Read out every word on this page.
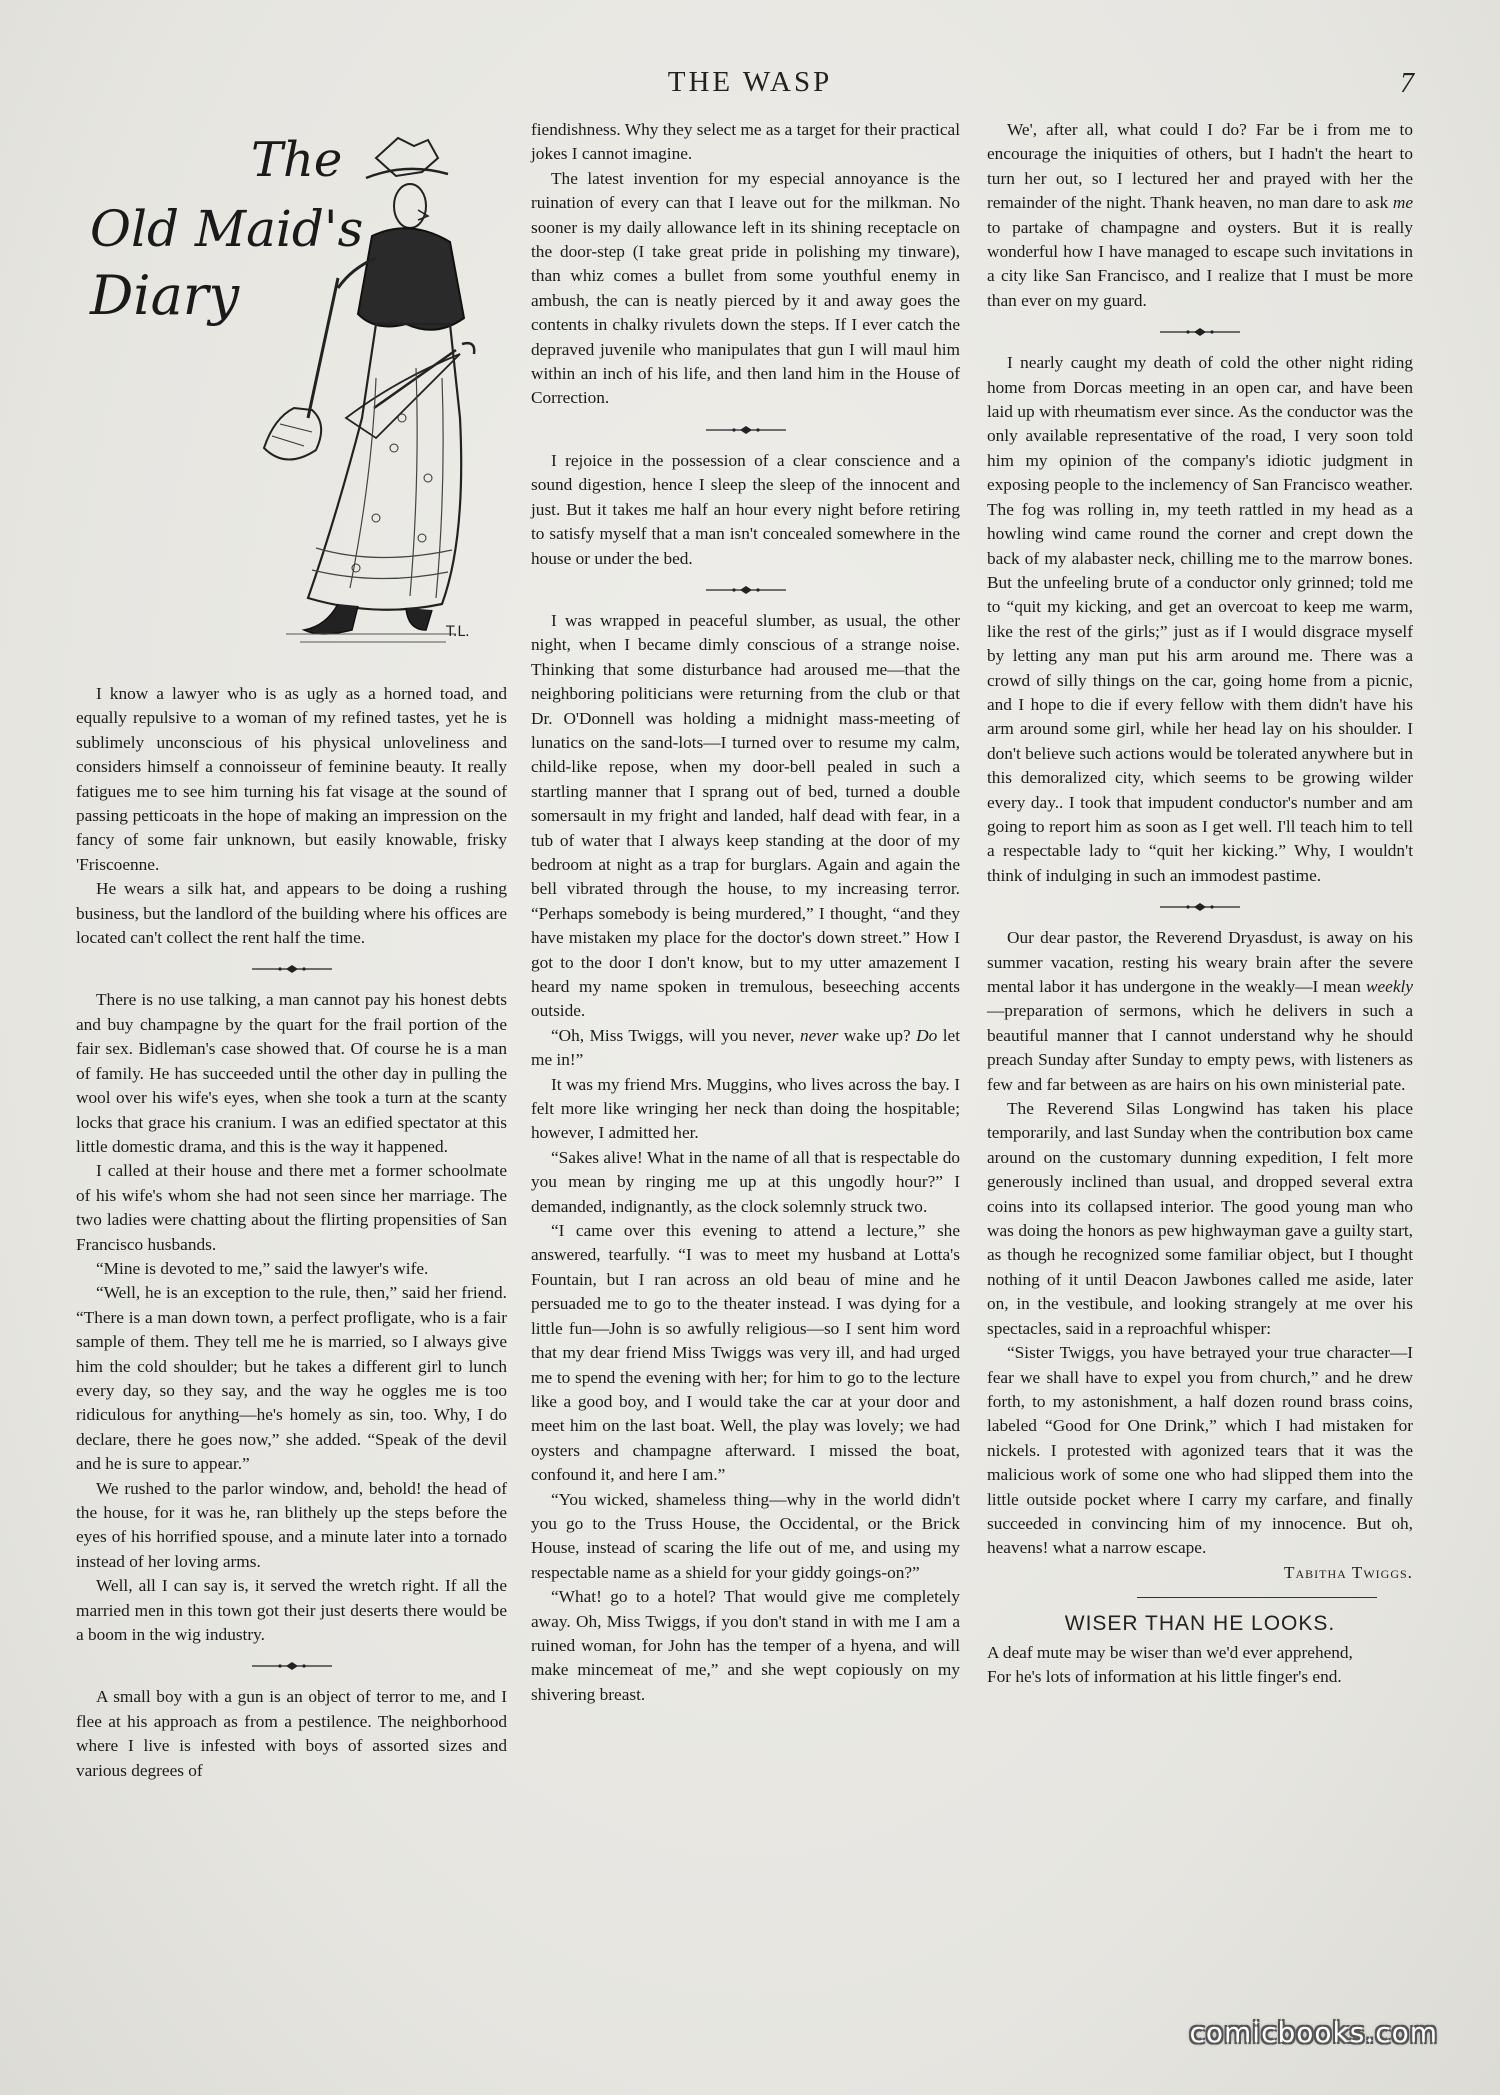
THE WASP	7
The
Old Maid's
Diary
T.L.

I know a lawyer who is as ugly as a horned toad, and equally repulsive to a woman of my refined tastes, yet he is sublimely unconscious of his physical unloveliness and considers himself a connoisseur of feminine beauty. It really fatigues me to see him turning his fat visage at the sound of passing petticoats in the hope of making an impression on the fancy of some fair unknown, but easily knowable, frisky 'Friscoenne.

He wears a silk hat, and appears to be doing a rushing business, but the landlord of the building where his offices are located can't collect the rent half the time.

There is no use talking, a man cannot pay his honest debts and buy champagne by the quart for the frail portion of the fair sex. Bidleman's case showed that. Of course he is a man of family. He has succeeded until the other day in pulling the wool over his wife's eyes, when she took a turn at the scanty locks that grace his cranium. I was an edified spectator at this little domestic drama, and this is the way it happened.

I called at their house and there met a former schoolmate of his wife's whom she had not seen since her marriage. The two ladies were chatting about the flirting propensities of San Francisco husbands.

“Mine is devoted to me,” said the lawyer's wife.

“Well, he is an exception to the rule, then,” said her friend. “There is a man down town, a perfect profligate, who is a fair sample of them. They tell me he is married, so I always give him the cold shoulder; but he takes a different girl to lunch every day, so they say, and the way he oggles me is too ridiculous for anything—he's homely as sin, too. Why, I do declare, there he goes now,” she added. “Speak of the devil and he is sure to appear.”

We rushed to the parlor window, and, behold! the head of the house, for it was he, ran blithely up the steps before the eyes of his horrified spouse, and a minute later into a tornado instead of her loving arms.

Well, all I can say is, it served the wretch right. If all the married men in this town got their just deserts there would be a boom in the wig industry.

A small boy with a gun is an object of terror to me, and I flee at his approach as from a pestilence. The neighborhood where I live is infested with boys of assorted sizes and various degrees of

fiendishness. Why they select me as a target for their practical jokes I cannot imagine.

The latest invention for my especial annoyance is the ruination of every can that I leave out for the milkman. No sooner is my daily allowance left in its shining receptacle on the door-step (I take great pride in polishing my tinware), than whiz comes a bullet from some youthful enemy in ambush, the can is neatly pierced by it and away goes the contents in chalky rivulets down the steps. If I ever catch the depraved juvenile who manipulates that gun I will maul him within an inch of his life, and then land him in the House of Correction.

I rejoice in the possession of a clear conscience and a sound digestion, hence I sleep the sleep of the innocent and just. But it takes me half an hour every night before retiring to satisfy myself that a man isn't concealed somewhere in the house or under the bed.

I was wrapped in peaceful slumber, as usual, the other night, when I became dimly conscious of a strange noise. Thinking that some disturbance had aroused me—that the neighboring politicians were returning from the club or that Dr. O'Donnell was holding a midnight mass-meeting of lunatics on the sand-lots—I turned over to resume my calm, child-like repose, when my door-bell pealed in such a startling manner that I sprang out of bed, turned a double somersault in my fright and landed, half dead with fear, in a tub of water that I always keep standing at the door of my bedroom at night as a trap for burglars. Again and again the bell vibrated through the house, to my increasing terror. “Perhaps somebody is being murdered,” I thought, “and they have mistaken my place for the doctor's down street.” How I got to the door I don't know, but to my utter amazement I heard my name spoken in tremulous, beseeching accents outside.

“Oh, Miss Twiggs, will you never, never wake up? Do let me in!”

It was my friend Mrs. Muggins, who lives across the bay. I felt more like wringing her neck than doing the hospitable; however, I admitted her.

“Sakes alive! What in the name of all that is respectable do you mean by ringing me up at this ungodly hour?” I demanded, indignantly, as the clock solemnly struck two.

“I came over this evening to attend a lecture,” she answered, tearfully. “I was to meet my husband at Lotta's Fountain, but I ran across an old beau of mine and he persuaded me to go to the theater instead. I was dying for a little fun—John is so awfully religious—so I sent him word that my dear friend Miss Twiggs was very ill, and had urged me to spend the evening with her; for him to go to the lecture like a good boy, and I would take the car at your door and meet him on the last boat. Well, the play was lovely; we had oysters and champagne afterward. I missed the boat, confound it, and here I am.”

“You wicked, shameless thing—why in the world didn't you go to the Truss House, the Occidental, or the Brick House, instead of scaring the life out of me, and using my respectable name as a shield for your giddy goings-on?”

“What! go to a hotel? That would give me completely away. Oh, Miss Twiggs, if you don't stand in with me I am a ruined woman, for John has the temper of a hyena, and will make mincemeat of me,” and she wept copiously on my shivering breast.

We', after all, what could I do? Far be i from me to encourage the iniquities of others, but I hadn't the heart to turn her out, so I lectured her and prayed with her the remainder of the night. Thank heaven, no man dare to ask me to partake of champagne and oysters. But it is really wonderful how I have managed to escape such invitations in a city like San Francisco, and I realize that I must be more than ever on my guard.

I nearly caught my death of cold the other night riding home from Dorcas meeting in an open car, and have been laid up with rheumatism ever since. As the conductor was the only available representative of the road, I very soon told him my opinion of the company's idiotic judgment in exposing people to the inclemency of San Francisco weather. The fog was rolling in, my teeth rattled in my head as a howling wind came round the corner and crept down the back of my alabaster neck, chilling me to the marrow bones. But the unfeeling brute of a conductor only grinned; told me to “quit my kicking, and get an overcoat to keep me warm, like the rest of the girls;” just as if I would disgrace myself by letting any man put his arm around me. There was a crowd of silly things on the car, going home from a picnic, and I hope to die if every fellow with them didn't have his arm around some girl, while her head lay on his shoulder. I don't believe such actions would be tolerated anywhere but in this demoralized city, which seems to be growing wilder every day.. I took that impudent conductor's number and am going to report him as soon as I get well. I'll teach him to tell a respectable lady to “quit her kicking.” Why, I wouldn't think of indulging in such an immodest pastime.

Our dear pastor, the Reverend Dryasdust, is away on his summer vacation, resting his weary brain after the severe mental labor it has undergone in the weakly—I mean weekly—preparation of sermons, which he delivers in such a beautiful manner that I cannot understand why he should preach Sunday after Sunday to empty pews, with listeners as few and far between as are hairs on his own ministerial pate.

The Reverend Silas Longwind has taken his place temporarily, and last Sunday when the contribution box came around on the customary dunning expedition, I felt more generously inclined than usual, and dropped several extra coins into its collapsed interior. The good young man who was doing the honors as pew highwayman gave a guilty start, as though he recognized some familiar object, but I thought nothing of it until Deacon Jawbones called me aside, later on, in the vestibule, and looking strangely at me over his spectacles, said in a reproachful whisper:

“Sister Twiggs, you have betrayed your true character—I fear we shall have to expel you from church,” and he drew forth, to my astonishment, a half dozen round brass coins, labeled “Good for One Drink,” which I had mistaken for nickels. I protested with agonized tears that it was the malicious work of some one who had slipped them into the little outside pocket where I carry my carfare, and finally succeeded in convincing him of my innocence. But oh, heavens! what a narrow escape.

Tabitha Twiggs.

WISER THAN HE LOOKS.

A deaf mute may be wiser than we'd ever apprehend,

For he's lots of information at his little finger's end.

comicbooks.com
